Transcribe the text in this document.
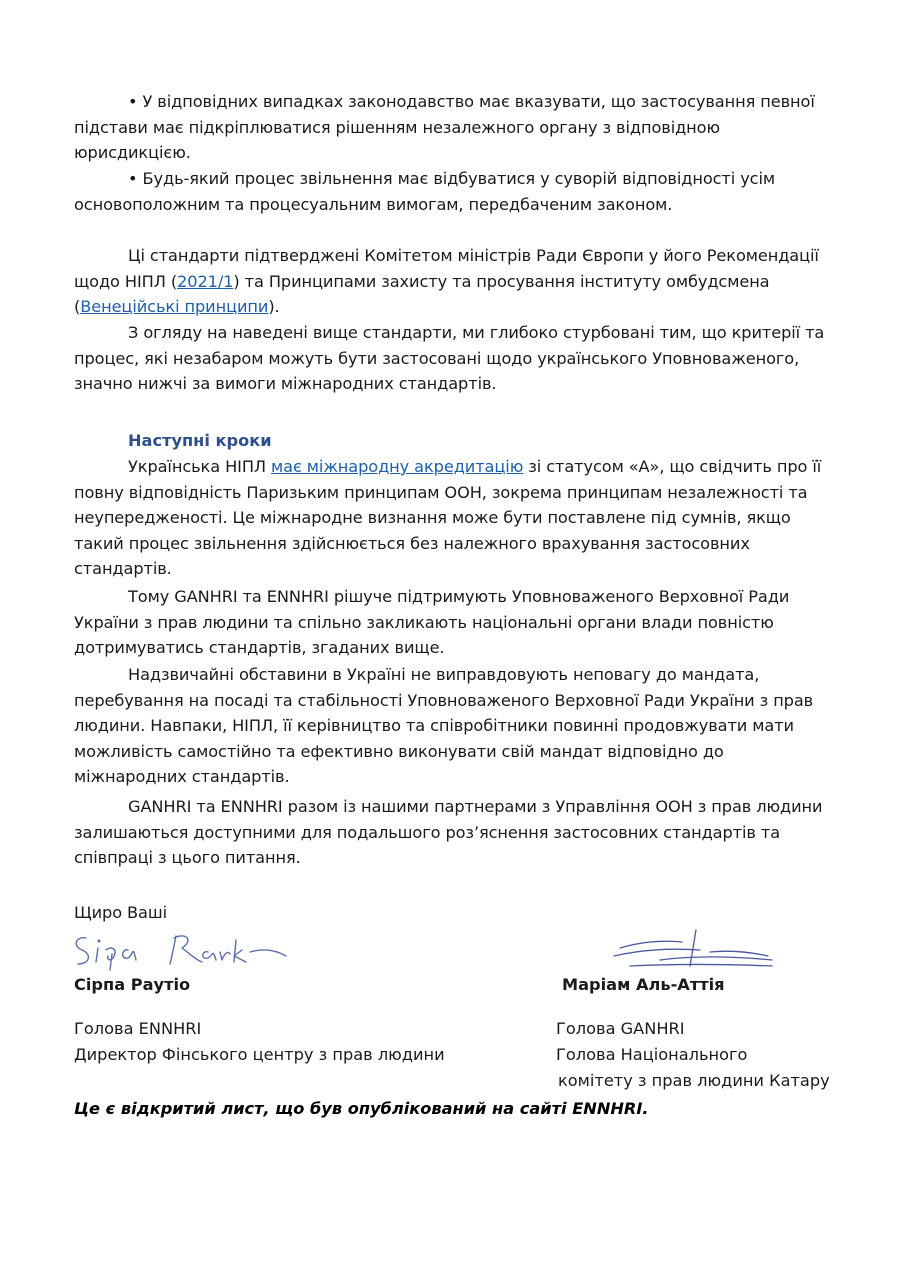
• У відповідних випадках законодавство має вказувати, що застосування певної підстави має підкріплюватися рішенням незалежного органу з відповідною юрисдикцією.

• Будь-який процес звільнення має відбуватися у суворій відповідності усім основоположним та процесуальним вимогам, передбаченим законом.

Ці стандарти підтверджені Комітетом міністрів Ради Європи у його Рекомендації щодо НІПЛ (2021/1) та Принципами захисту та просування інституту омбудсмена (Венеційські принципи).

З огляду на наведені вище стандарти, ми глибоко стурбовані тим, що критерії та процес, які незабаром можуть бути застосовані щодо українського Уповноваженого, значно нижчі за вимоги міжнародних стандартів.

Наступні кроки

Українська НІПЛ має міжнародну акредитацію зі статусом «А», що свідчить про її повну відповідність Паризьким принципам ООН, зокрема принципам незалежності та неупередженості. Це міжнародне визнання може бути поставлене під сумнів, якщо такий процес звільнення здійснюється без належного врахування застосовних стандартів.

Тому GANHRI та ENNHRI рішуче підтримують Уповноваженого Верховної Ради України з прав людини та спільно закликають національні органи влади повністю дотримуватись стандартів, згаданих вище.

Надзвичайні обставини в Україні не виправдовують неповагу до мандата, перебування на посаді та стабільності Уповноваженого Верховної Ради України з прав людини. Навпаки, НІПЛ, її керівництво та співробітники повинні продовжувати мати можливість самостійно та ефективно виконувати свій мандат відповідно до міжнародних стандартів.

GANHRI та ENNHRI разом із нашими партнерами з Управління ООН з прав людини залишаються доступними для подальшого роз’яснення застосовних стандартів та співпраці з цього питання.

Щиро Ваші
Сірпа Раутіо
Голова ENNHRI
Директор Фінського центру з прав людини
Маріам Аль-Аттія
Голова GANHRI
Голова Національного
комітету з прав людини Катару
Це є відкритий лист, що був опублікований на сайті ENNHRI.
